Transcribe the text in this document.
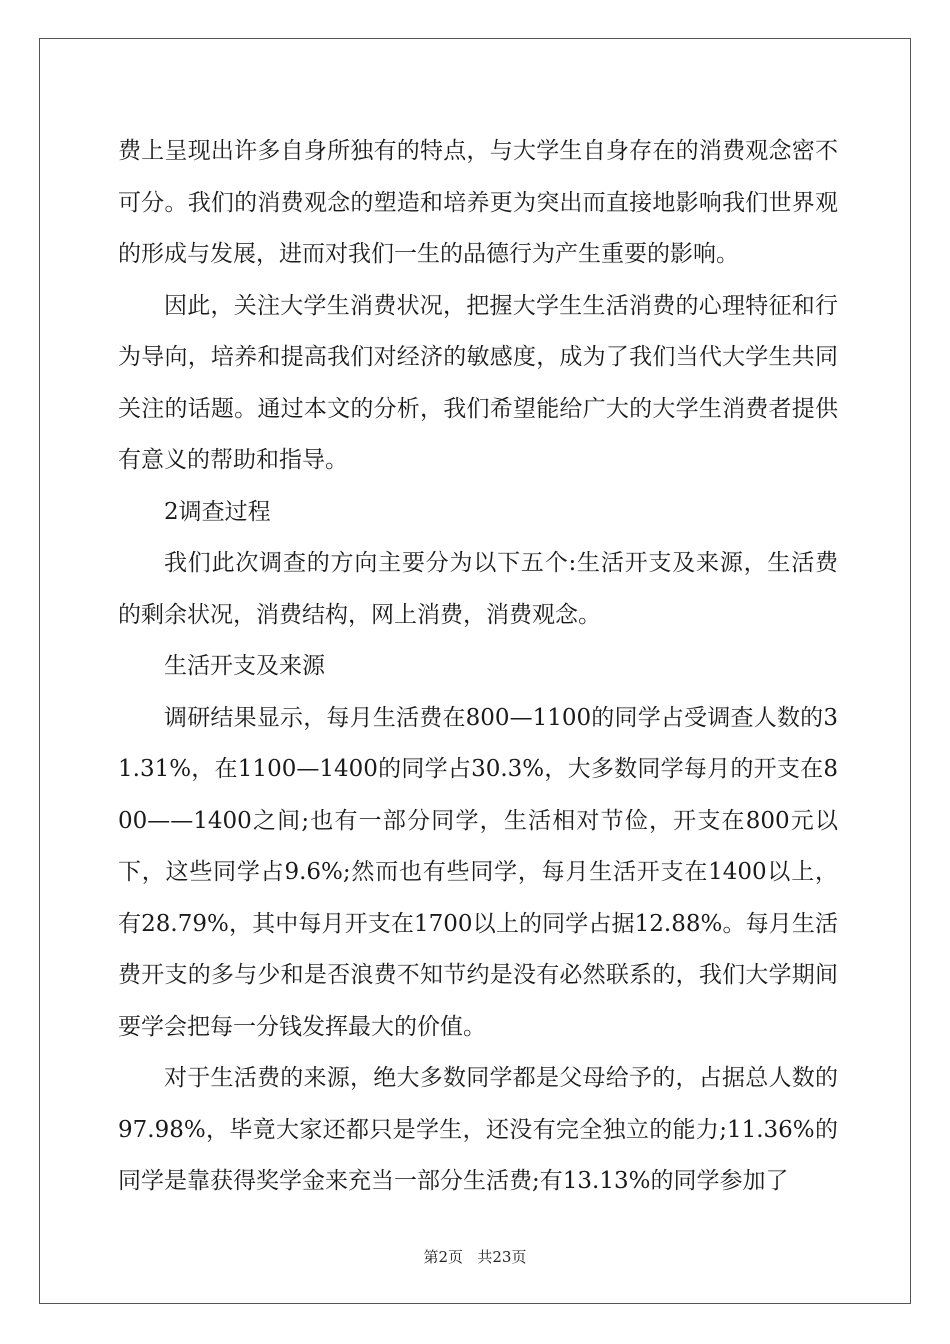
费上呈现出许多自身所独有的特点，与大学生自身存在的消费观念密不可分。我们的消费观念的塑造和培养更为突出而直接地影响我们世界观的形成与发展，进而对我们一生的品德行为产生重要的影响。

因此，关注大学生消费状况，把握大学生生活消费的心理特征和行为导向，培养和提高我们对经济的敏感度，成为了我们当代大学生共同关注的话题。通过本文的分析，我们希望能给广大的大学生消费者提供有意义的帮助和指导。

2调查过程

我们此次调查的方向主要分为以下五个:生活开支及来源，生活费的剩余状况，消费结构，网上消费，消费观念。

生活开支及来源

调研结果显示，每月生活费在800—1100的同学占受调查人数的31.31%，在1100—1400的同学占30.3%，大多数同学每月的开支在800——1400之间;也有一部分同学，生活相对节俭，开支在800元以下，这些同学占9.6%;然而也有些同学，每月生活开支在1400以上，有28.79%，其中每月开支在1700以上的同学占据12.88%。每月生活费开支的多与少和是否浪费不知节约是没有必然联系的，我们大学期间要学会把每一分钱发挥最大的价值。

对于生活费的来源，绝大多数同学都是父母给予的，占据总人数的97.98%，毕竟大家还都只是学生，还没有完全独立的能力;11.36%的同学是靠获得奖学金来充当一部分生活费;有13.13%的同学参加了

第2页 共23页
